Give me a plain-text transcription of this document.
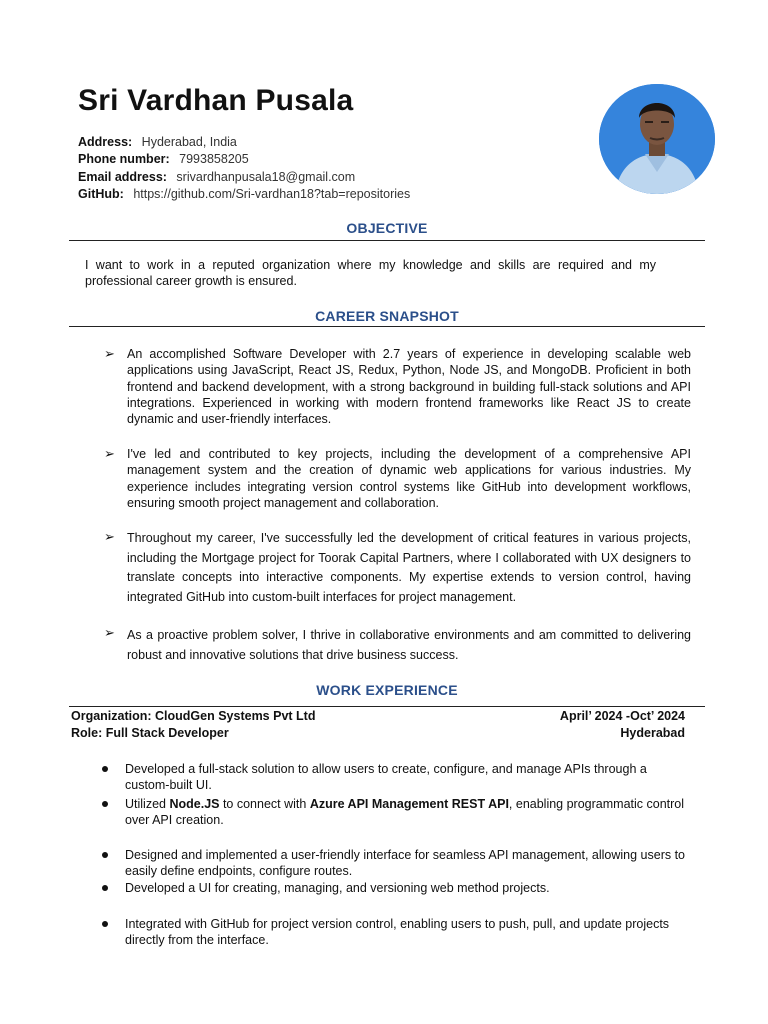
Sri Vardhan Pusala
Address: Hyderabad, India
Phone number: 7993858205
Email address: srivardhanpusala18@gmail.com
GitHub: https://github.com/Sri-vardhan18?tab=repositories
OBJECTIVE
I want to work in a reputed organization where my knowledge and skills are required and my professional career growth is ensured.
CAREER SNAPSHOT
➢ An accomplished Software Developer with 2.7 years of experience in developing scalable web applications using JavaScript, React JS, Redux, Python, Node JS, and MongoDB. Proficient in both frontend and backend development, with a strong background in building full-stack solutions and API integrations. Experienced in working with modern frontend frameworks like React JS to create dynamic and user-friendly interfaces.
➢ I've led and contributed to key projects, including the development of a comprehensive API management system and the creation of dynamic web applications for various industries. My experience includes integrating version control systems like GitHub into development workflows, ensuring smooth project management and collaboration.
➢ Throughout my career, I've successfully led the development of critical features in various projects, including the Mortgage project for Toorak Capital Partners, where I collaborated with UX designers to translate concepts into interactive components. My expertise extends to version control, having integrated GitHub into custom-built interfaces for project management.
➢ As a proactive problem solver, I thrive in collaborative environments and am committed to delivering robust and innovative solutions that drive business success.
WORK EXPERIENCE
Organization: CloudGen Systems Pvt Ltd	April’ 2024 -Oct’ 2024
Role: Full Stack Developer	Hyderabad
Developed a full-stack solution to allow users to create, configure, and manage APIs through a custom-built UI.
Utilized Node.JS to connect with Azure API Management REST API, enabling programmatic control over API creation.
Designed and implemented a user-friendly interface for seamless API management, allowing users to easily define endpoints, configure routes.
Developed a UI for creating, managing, and versioning web method projects.
Integrated with GitHub for project version control, enabling users to push, pull, and update projects directly from the interface.
